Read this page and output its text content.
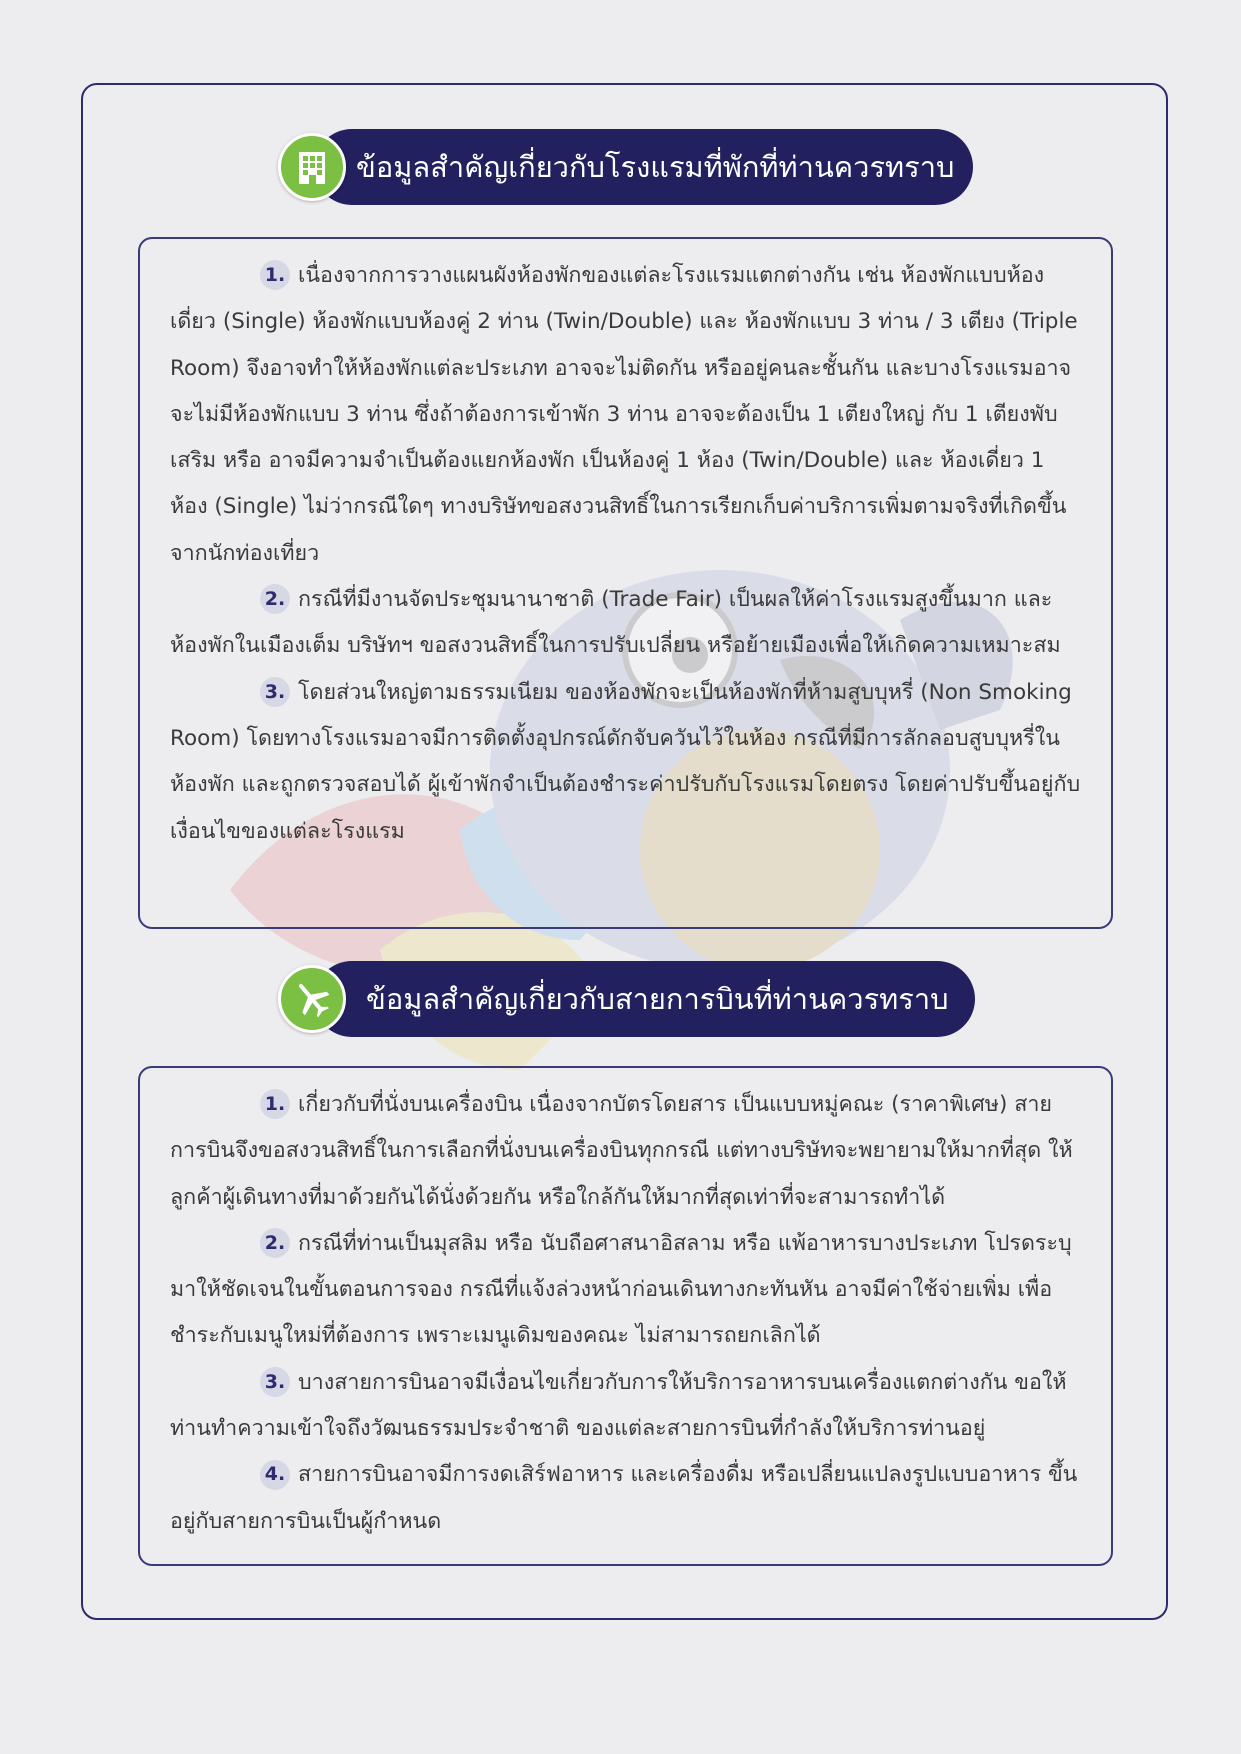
ข้อมูลสำคัญเกี่ยวกับโรงแรมที่พักที่ท่านควรทราบ

1. เนื่องจากการวางแผนผังห้องพักของแต่ละโรงแรมแตกต่างกัน เช่น ห้องพักแบบห้องเดี่ยว (Single) ห้องพักแบบห้องคู่ 2 ท่าน (Twin/Double) และ ห้องพักแบบ 3 ท่าน / 3 เตียง (Triple Room) จึงอาจทำให้ห้องพักแต่ละประเภท อาจจะไม่ติดกัน หรืออยู่คนละชั้นกัน และบางโรงแรมอาจจะไม่มีห้องพักแบบ 3 ท่าน ซึ่งถ้าต้องการเข้าพัก 3 ท่าน อาจจะต้องเป็น 1 เตียงใหญ่ กับ 1 เตียงพับเสริม หรือ อาจมีความจำเป็นต้องแยกห้องพัก เป็นห้องคู่ 1 ห้อง (Twin/Double) และ ห้องเดี่ยว 1 ห้อง (Single) ไม่ว่ากรณีใดๆ ทางบริษัทขอสงวนสิทธิ์ในการเรียกเก็บค่าบริการเพิ่มตามจริงที่เกิดขึ้นจากนักท่องเที่ยว

2. กรณีที่มีงานจัดประชุมนานาชาติ (Trade Fair) เป็นผลให้ค่าโรงแรมสูงขึ้นมาก และห้องพักในเมืองเต็ม บริษัทฯ ขอสงวนสิทธิ์ในการปรับเปลี่ยน หรือย้ายเมืองเพื่อให้เกิดความเหมาะสม

3. โดยส่วนใหญ่ตามธรรมเนียม ของห้องพักจะเป็นห้องพักที่ห้ามสูบบุหรี่ (Non Smoking Room) โดยทางโรงแรมอาจมีการติดตั้งอุปกรณ์ดักจับควันไว้ในห้อง กรณีที่มีการลักลอบสูบบุหรี่ในห้องพัก และถูกตรวจสอบได้ ผู้เข้าพักจำเป็นต้องชำระค่าปรับกับโรงแรมโดยตรง โดยค่าปรับขึ้นอยู่กับเงื่อนไขของแต่ละโรงแรม

ข้อมูลสำคัญเกี่ยวกับสายการบินที่ท่านควรทราบ

1. เกี่ยวกับที่นั่งบนเครื่องบิน เนื่องจากบัตรโดยสาร เป็นแบบหมู่คณะ (ราคาพิเศษ) สายการบินจึงขอสงวนสิทธิ์ในการเลือกที่นั่งบนเครื่องบินทุกกรณี แต่ทางบริษัทจะพยายามให้มากที่สุด ให้ลูกค้าผู้เดินทางที่มาด้วยกันได้นั่งด้วยกัน หรือใกล้กันให้มากที่สุดเท่าที่จะสามารถทำได้

2. กรณีที่ท่านเป็นมุสลิม หรือ นับถือศาสนาอิสลาม หรือ แพ้อาหารบางประเภท โปรดระบุมาให้ชัดเจนในขั้นตอนการจอง กรณีที่แจ้งล่วงหน้าก่อนเดินทางกะทันหัน อาจมีค่าใช้จ่ายเพิ่ม เพื่อชำระกับเมนูใหม่ที่ต้องการ เพราะเมนูเดิมของคณะ ไม่สามารถยกเลิกได้

3. บางสายการบินอาจมีเงื่อนไขเกี่ยวกับการให้บริการอาหารบนเครื่องแตกต่างกัน ขอให้ท่านทำความเข้าใจถึงวัฒนธรรมประจำชาติ ของแต่ละสายการบินที่กำลังให้บริการท่านอยู่

4. สายการบินอาจมีการงดเสิร์ฟอาหาร และเครื่องดื่ม หรือเปลี่ยนแปลงรูปแบบอาหาร ขึ้นอยู่กับสายการบินเป็นผู้กำหนด
